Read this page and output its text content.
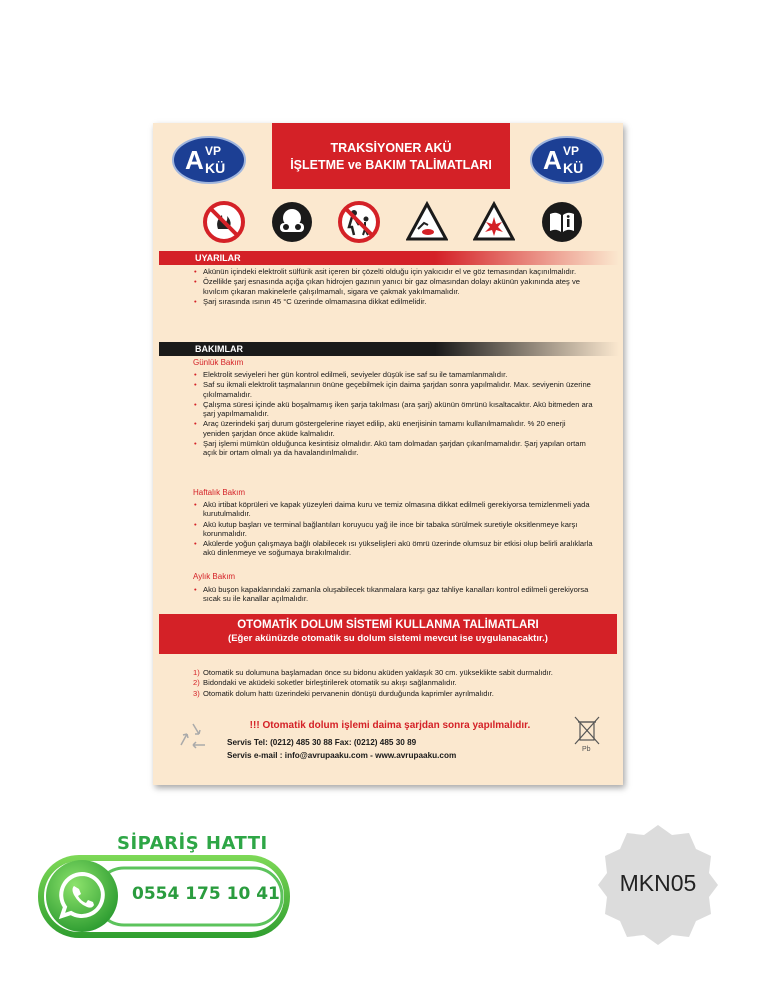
A VP
KÜ
TRAKSİYONER AKÜ
İŞLETME ve BAKIM TALİMATLARI	A VP
KÜ
UYARILAR
• Akünün içindeki elektrolit sülfürik asit içeren bir çözelti olduğu için yakıcıdır el ve göz temasından kaçınılmalıdır.
• Özellikle şarj esnasında açığa çıkan hidrojen gazının yanıcı bir gaz olmasından dolayı akünün yakınında ateş ve kıvılcım çıkaran makinelerle çalışılmamalı, sigara ve çakmak yakılmamalıdır.
• Şarj sırasında ısının 45 °C üzerinde olmamasına dikkat edilmelidir.
BAKIMLAR
Günlük Bakım
• Elektrolit seviyeleri her gün kontrol edilmeli, seviyeler düşük ise saf su ile tamamlanmalıdır.
• Saf su ikmali elektrolit taşmalarının önüne geçebilmek için daima şarjdan sonra yapılmalıdır. Max. seviyenin üzerine çıkılmamalıdır.
• Çalışma süresi içinde akü boşalmamış iken şarja takılması (ara şarj) akünün ömrünü kısaltacaktır. Akü bitmeden ara şarj yapılmamalıdır.
• Araç üzerindeki şarj durum göstergelerine riayet edilip, akü enerjisinin tamamı kullanılmamalıdır. % 20 enerji yeniden şarjdan önce aküde kalmalıdır.
• Şarj işlemi mümkün olduğunca kesintisiz olmalıdır. Akü tam dolmadan şarjdan çıkarılmamalıdır. Şarj yapılan ortam açık bir ortam olmalı ya da havalandırılmalıdır.
Haftalık Bakım
• Akü irtibat köprüleri ve kapak yüzeyleri daima kuru ve temiz olmasına dikkat edilmeli gerekiyorsa temizlenmeli yada kurutulmalıdır.
• Akü kutup başları ve terminal bağlantıları koruyucu yağ ile ince bir tabaka sürülmek suretiyle oksitlenmeye karşı korunmalıdır.
• Akülerde yoğun çalışmaya bağlı olabilecek ısı yükselişleri akü ömrü üzerinde olumsuz bir etkisi olup belirli aralıklarla akü dinlenmeye ve soğumaya bırakılmalıdır.
Aylık Bakım
• Akü buşon kapaklarındaki zamanla oluşabilecek tıkanmalara karşı gaz tahliye kanalları kontrol edilmeli gerekiyorsa sıcak su ile kanallar açılmalıdır.
OTOMATİK DOLUM SİSTEMİ KULLANMA TALİMATLARI
(Eğer akünüzde otomatik su dolum sistemi mevcut ise uygulanacaktır.)
1) Otomatik su dolumuna başlamadan önce su bidonu aküden yaklaşık 30 cm. yükseklikte sabit durmalıdır.
2) Bidondaki ve aküdeki soketler birleştirilerek otomatik su akışı sağlanmalıdır.
3) Otomatik dolum hattı üzerindeki pervanenin dönüşü durduğunda kaprimler ayrılmalıdır.
!!! Otomatik dolum işlemi daima şarjdan sonra yapılmalıdır.
Servis Tel: (0212) 485 30 88 Fax: (0212) 485 30 89
Servis e-mail : info@avrupaaku.com - www.avrupaaku.com
Pb
SİPARİŞ HATTI
0554 175 10 41	MKN05
